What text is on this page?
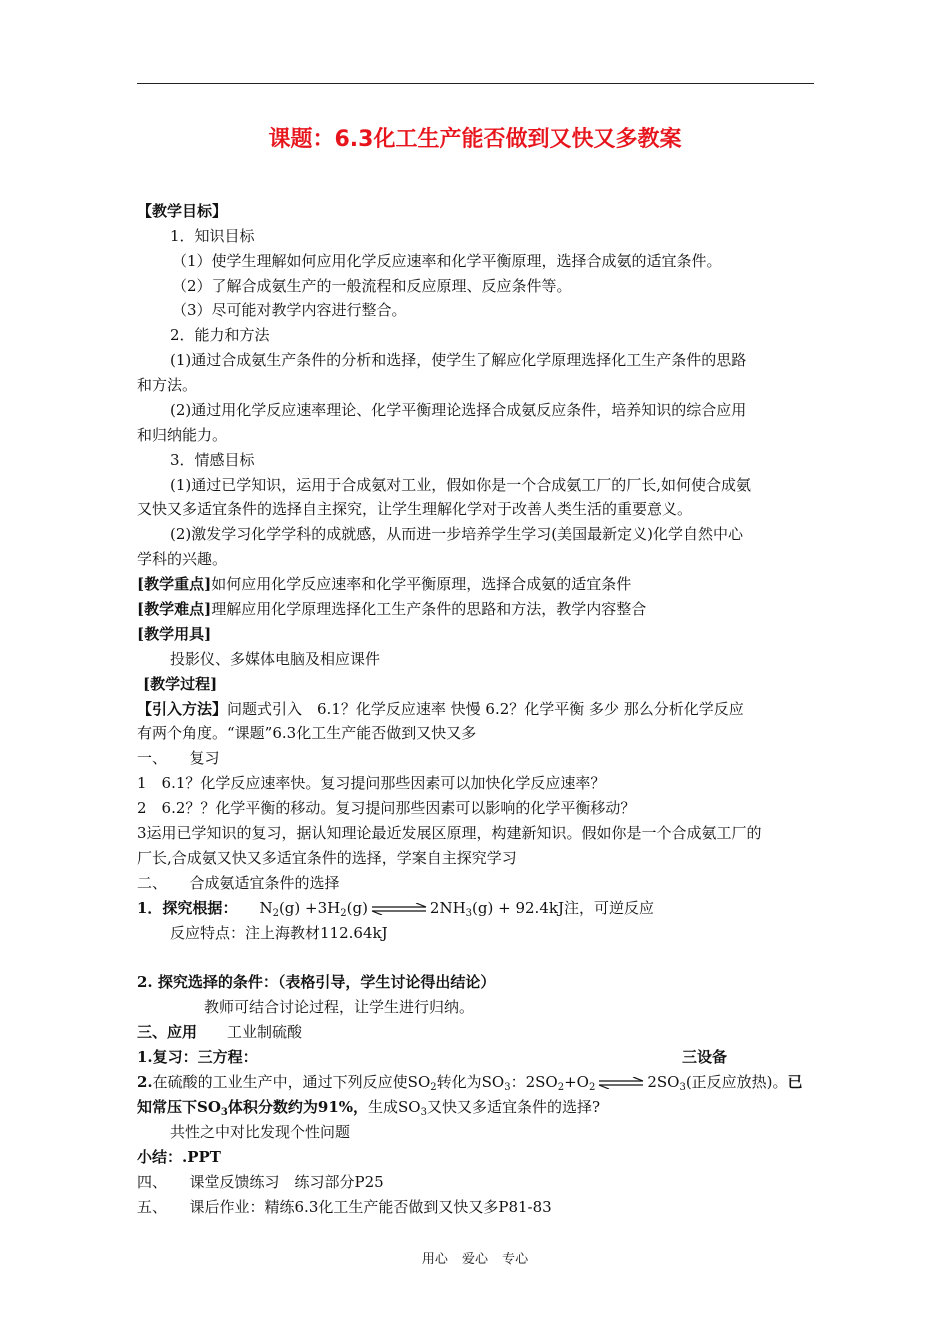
课题：6.3化工生产能否做到又快又多教案
【教学目标】
1．知识目标
（1）使学生理解如何应用化学反应速率和化学平衡原理，选择合成氨的适宜条件。
（2）了解合成氨生产的一般流程和反应原理、反应条件等。
（3）尽可能对教学内容进行整合。
2．能力和方法
(1)通过合成氨生产条件的分析和选择，使学生了解应化学原理选择化工生产条件的思路
和方法。
(2)通过用化学反应速率理论、化学平衡理论选择合成氨反应条件，培养知识的综合应用
和归纳能力。
3．情感目标
(1)通过已学知识，运用于合成氨对工业，假如你是一个合成氨工厂的厂长,如何使合成氨
又快又多适宜条件的选择自主探究，让学生理解化学对于改善人类生活的重要意义。
(2)激发学习化学学科的成就感，从而进一步培养学生学习(美国最新定义)化学自然中心
学科的兴趣。
[教学重点]如何应用化学反应速率和化学平衡原理，选择合成氨的适宜条件
[教学难点]理解应用化学原理选择化工生产条件的思路和方法，教学内容整合
[教学用具]
投影仪、多媒体电脑及相应课件
[教学过程]
【引入方法】问题式引入　6.1？化学反应速率 快慢 6.2？化学平衡 多少 那么分析化学反应
有两个角度。“课题”6.3化工生产能否做到又快又多
一、　　复习
1　6.1？化学反应速率快。复习提问那些因素可以加快化学反应速率？
2　6.2？？化学平衡的移动。复习提问那些因素可以影响的化学平衡移动？
3运用已学知识的复习，据认知理论最近发展区原理，构建新知识。假如你是一个合成氨工厂的
厂长,合成氨又快又多适宜条件的选择，学案自主探究学习
二、　　合成氨适宜条件的选择
1．探究根据： $N_2(g) +3H_2(g)$ ⇌ $2NH_3(g) + 92.4kJ$注，可逆反应
反应特点：注上海教材112.64kJ
2. 探究选择的条件：（表格引导，学生讨论得出结论）
教师可结合讨论过程，让学生进行归纳。
三、应用　　工业制硫酸
1.复习：三方程：	三设备
2.在硫酸的工业生产中，通过下列反应使$SO_2$转化为$SO_3$：$2SO_2+O_2$ ⇌ $2SO_3$(正反应放热)。已
知常压下$SO_3$体积分数约为91%，生成$SO_3$又快又多适宜条件的选择?
共性之中对比发现个性问题
小结：.PPT
四、　　课堂反馈练习　练习部分P25
五、　　课后作业：精练6.3化工生产能否做到又快又多P81-83
用心 爱心 专心
